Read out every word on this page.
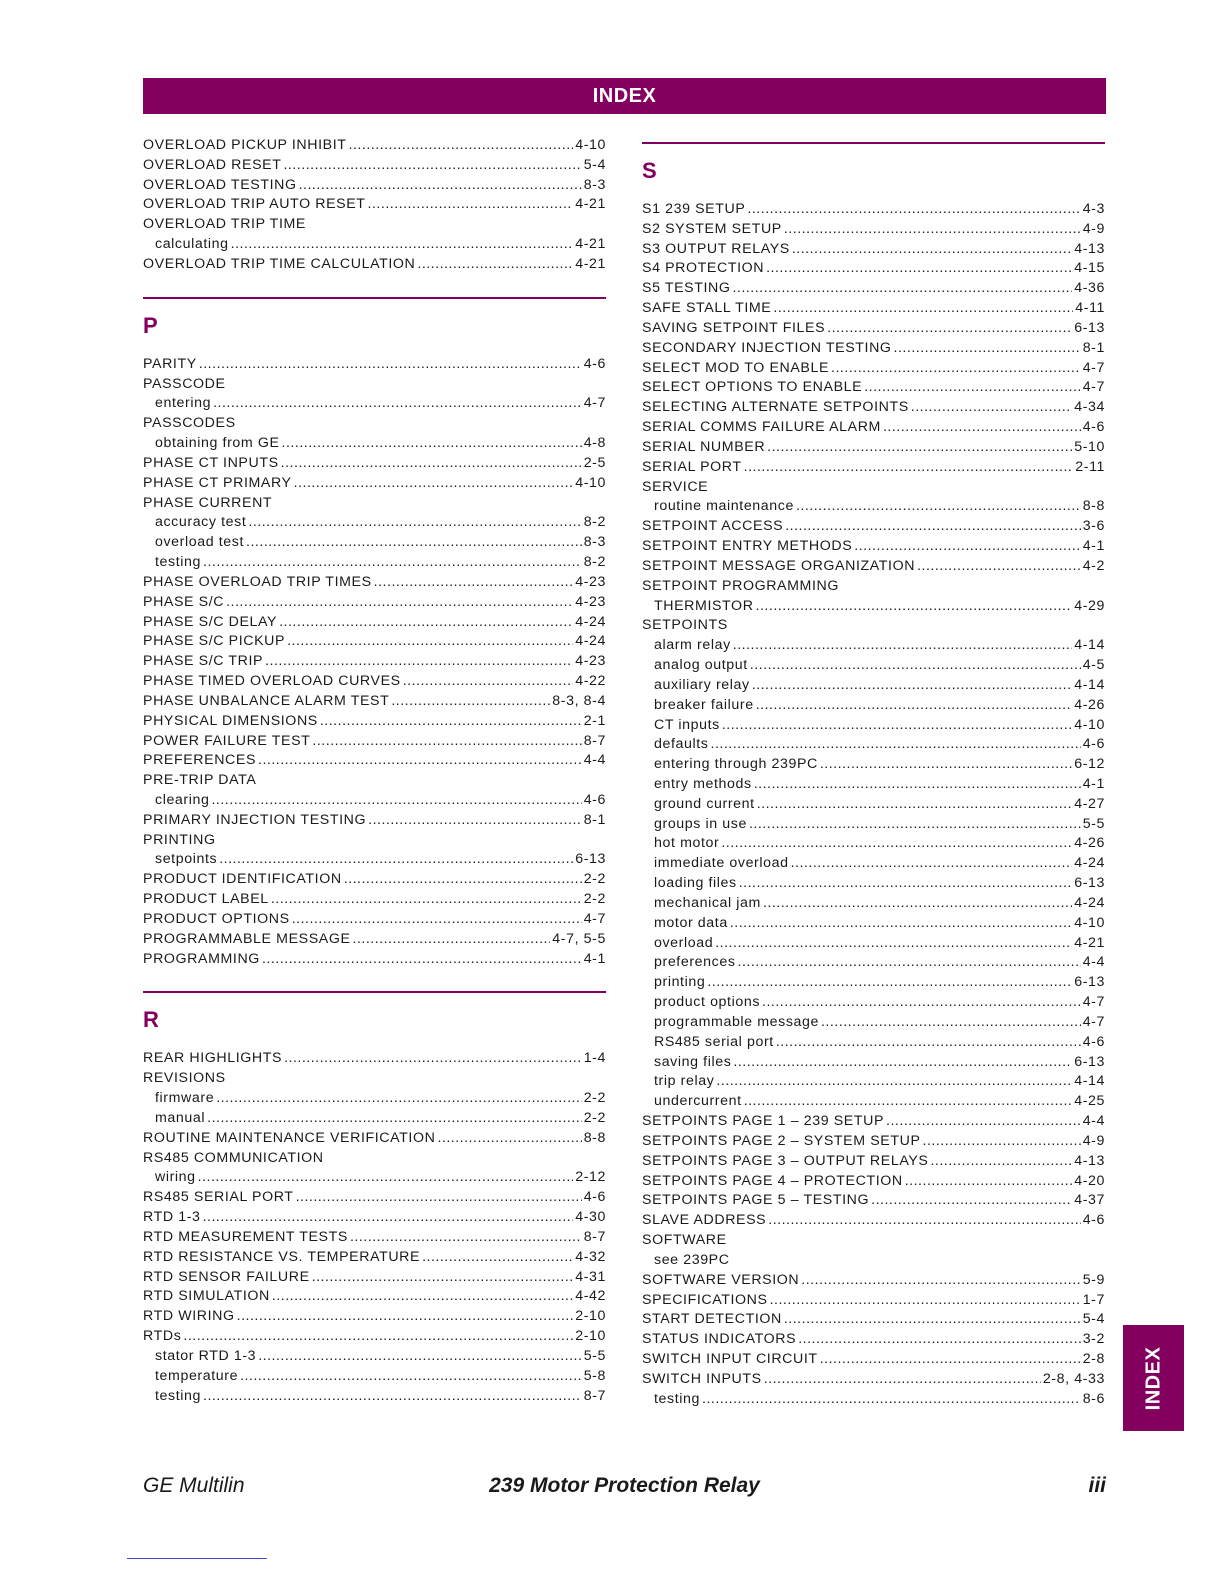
INDEX
OVERLOAD PICKUP INHIBIT .....	4-10
OVERLOAD RESET .....	5-4
OVERLOAD TESTING .....	8-3
OVERLOAD TRIP AUTO RESET .....	4-21
OVERLOAD TRIP TIME
calculating .....	4-21
OVERLOAD TRIP TIME CALCULATION .....	4-21
P
PARITY .....	4-6
PASSCODE
entering .....	4-7
PASSCODES
obtaining from GE .....	4-8
PHASE CT INPUTS .....	2-5
PHASE CT PRIMARY .....	4-10
PHASE CURRENT
accuracy test .....	8-2
overload test .....	8-3
testing .....	8-2
PHASE OVERLOAD TRIP TIMES .....	4-23
PHASE S/C .....	4-23
PHASE S/C DELAY .....	4-24
PHASE S/C PICKUP .....	4-24
PHASE S/C TRIP .....	4-23
PHASE TIMED OVERLOAD CURVES .....	4-22
PHASE UNBALANCE ALARM TEST .....	8-3, 8-4
PHYSICAL DIMENSIONS .....	2-1
POWER FAILURE TEST .....	8-7
PREFERENCES .....	4-4
PRE-TRIP DATA
clearing .....	4-6
PRIMARY INJECTION TESTING .....	8-1
PRINTING
setpoints .....	6-13
PRODUCT IDENTIFICATION .....	2-2
PRODUCT LABEL .....	2-2
PRODUCT OPTIONS .....	4-7
PROGRAMMABLE MESSAGE .....	4-7, 5-5
PROGRAMMING .....	4-1
R
REAR HIGHLIGHTS .....	1-4
REVISIONS
firmware .....	2-2
manual .....	2-2
ROUTINE MAINTENANCE VERIFICATION .....	8-8
RS485 COMMUNICATION
wiring .....	2-12
RS485 SERIAL PORT .....	4-6
RTD 1-3 .....	4-30
RTD MEASUREMENT TESTS .....	8-7
RTD RESISTANCE VS. TEMPERATURE .....	4-32
RTD SENSOR FAILURE .....	4-31
RTD SIMULATION .....	4-42
RTD WIRING .....	2-10
RTDs .....	2-10
stator RTD 1-3 .....	5-5
temperature .....	5-8
testing .....	8-7
S
S1 239 SETUP .....	4-3
S2 SYSTEM SETUP .....	4-9
S3 OUTPUT RELAYS .....	4-13
S4 PROTECTION .....	4-15
S5 TESTING .....	4-36
SAFE STALL TIME .....	4-11
SAVING SETPOINT FILES .....	6-13
SECONDARY INJECTION TESTING .....	8-1
SELECT MOD TO ENABLE .....	4-7
SELECT OPTIONS TO ENABLE .....	4-7
SELECTING ALTERNATE SETPOINTS .....	4-34
SERIAL COMMS FAILURE ALARM .....	4-6
SERIAL NUMBER .....	5-10
SERIAL PORT .....	2-11
SERVICE
routine maintenance .....	8-8
SETPOINT ACCESS .....	3-6
SETPOINT ENTRY METHODS .....	4-1
SETPOINT MESSAGE ORGANIZATION .....	4-2
SETPOINT PROGRAMMING
THERMISTOR .....	4-29
SETPOINTS
alarm relay .....	4-14
analog output .....	4-5
auxiliary relay .....	4-14
breaker failure .....	4-26
CT inputs .....	4-10
defaults .....	4-6
entering through 239PC .....	6-12
entry methods .....	4-1
ground current .....	4-27
groups in use .....	5-5
hot motor .....	4-26
immediate overload .....	4-24
loading files .....	6-13
mechanical jam .....	4-24
motor data .....	4-10
overload .....	4-21
preferences .....	4-4
printing .....	6-13
product options .....	4-7
programmable message .....	4-7
RS485 serial port .....	4-6
saving files .....	6-13
trip relay .....	4-14
undercurrent .....	4-25
SETPOINTS PAGE 1 – 239 SETUP .....	4-4
SETPOINTS PAGE 2 – SYSTEM SETUP .....	4-9
SETPOINTS PAGE 3 – OUTPUT RELAYS .....	4-13
SETPOINTS PAGE 4 – PROTECTION .....	4-20
SETPOINTS PAGE 5 – TESTING .....	4-37
SLAVE ADDRESS .....	4-6
SOFTWARE
see 239PC
SOFTWARE VERSION .....	5-9
SPECIFICATIONS .....	1-7
START DETECTION .....	5-4
STATUS INDICATORS .....	3-2
SWITCH INPUT CIRCUIT .....	2-8
SWITCH INPUTS .....	2-8, 4-33
testing .....	8-6 INDEX
GE Multilin	239 Motor Protection Relay	iii
